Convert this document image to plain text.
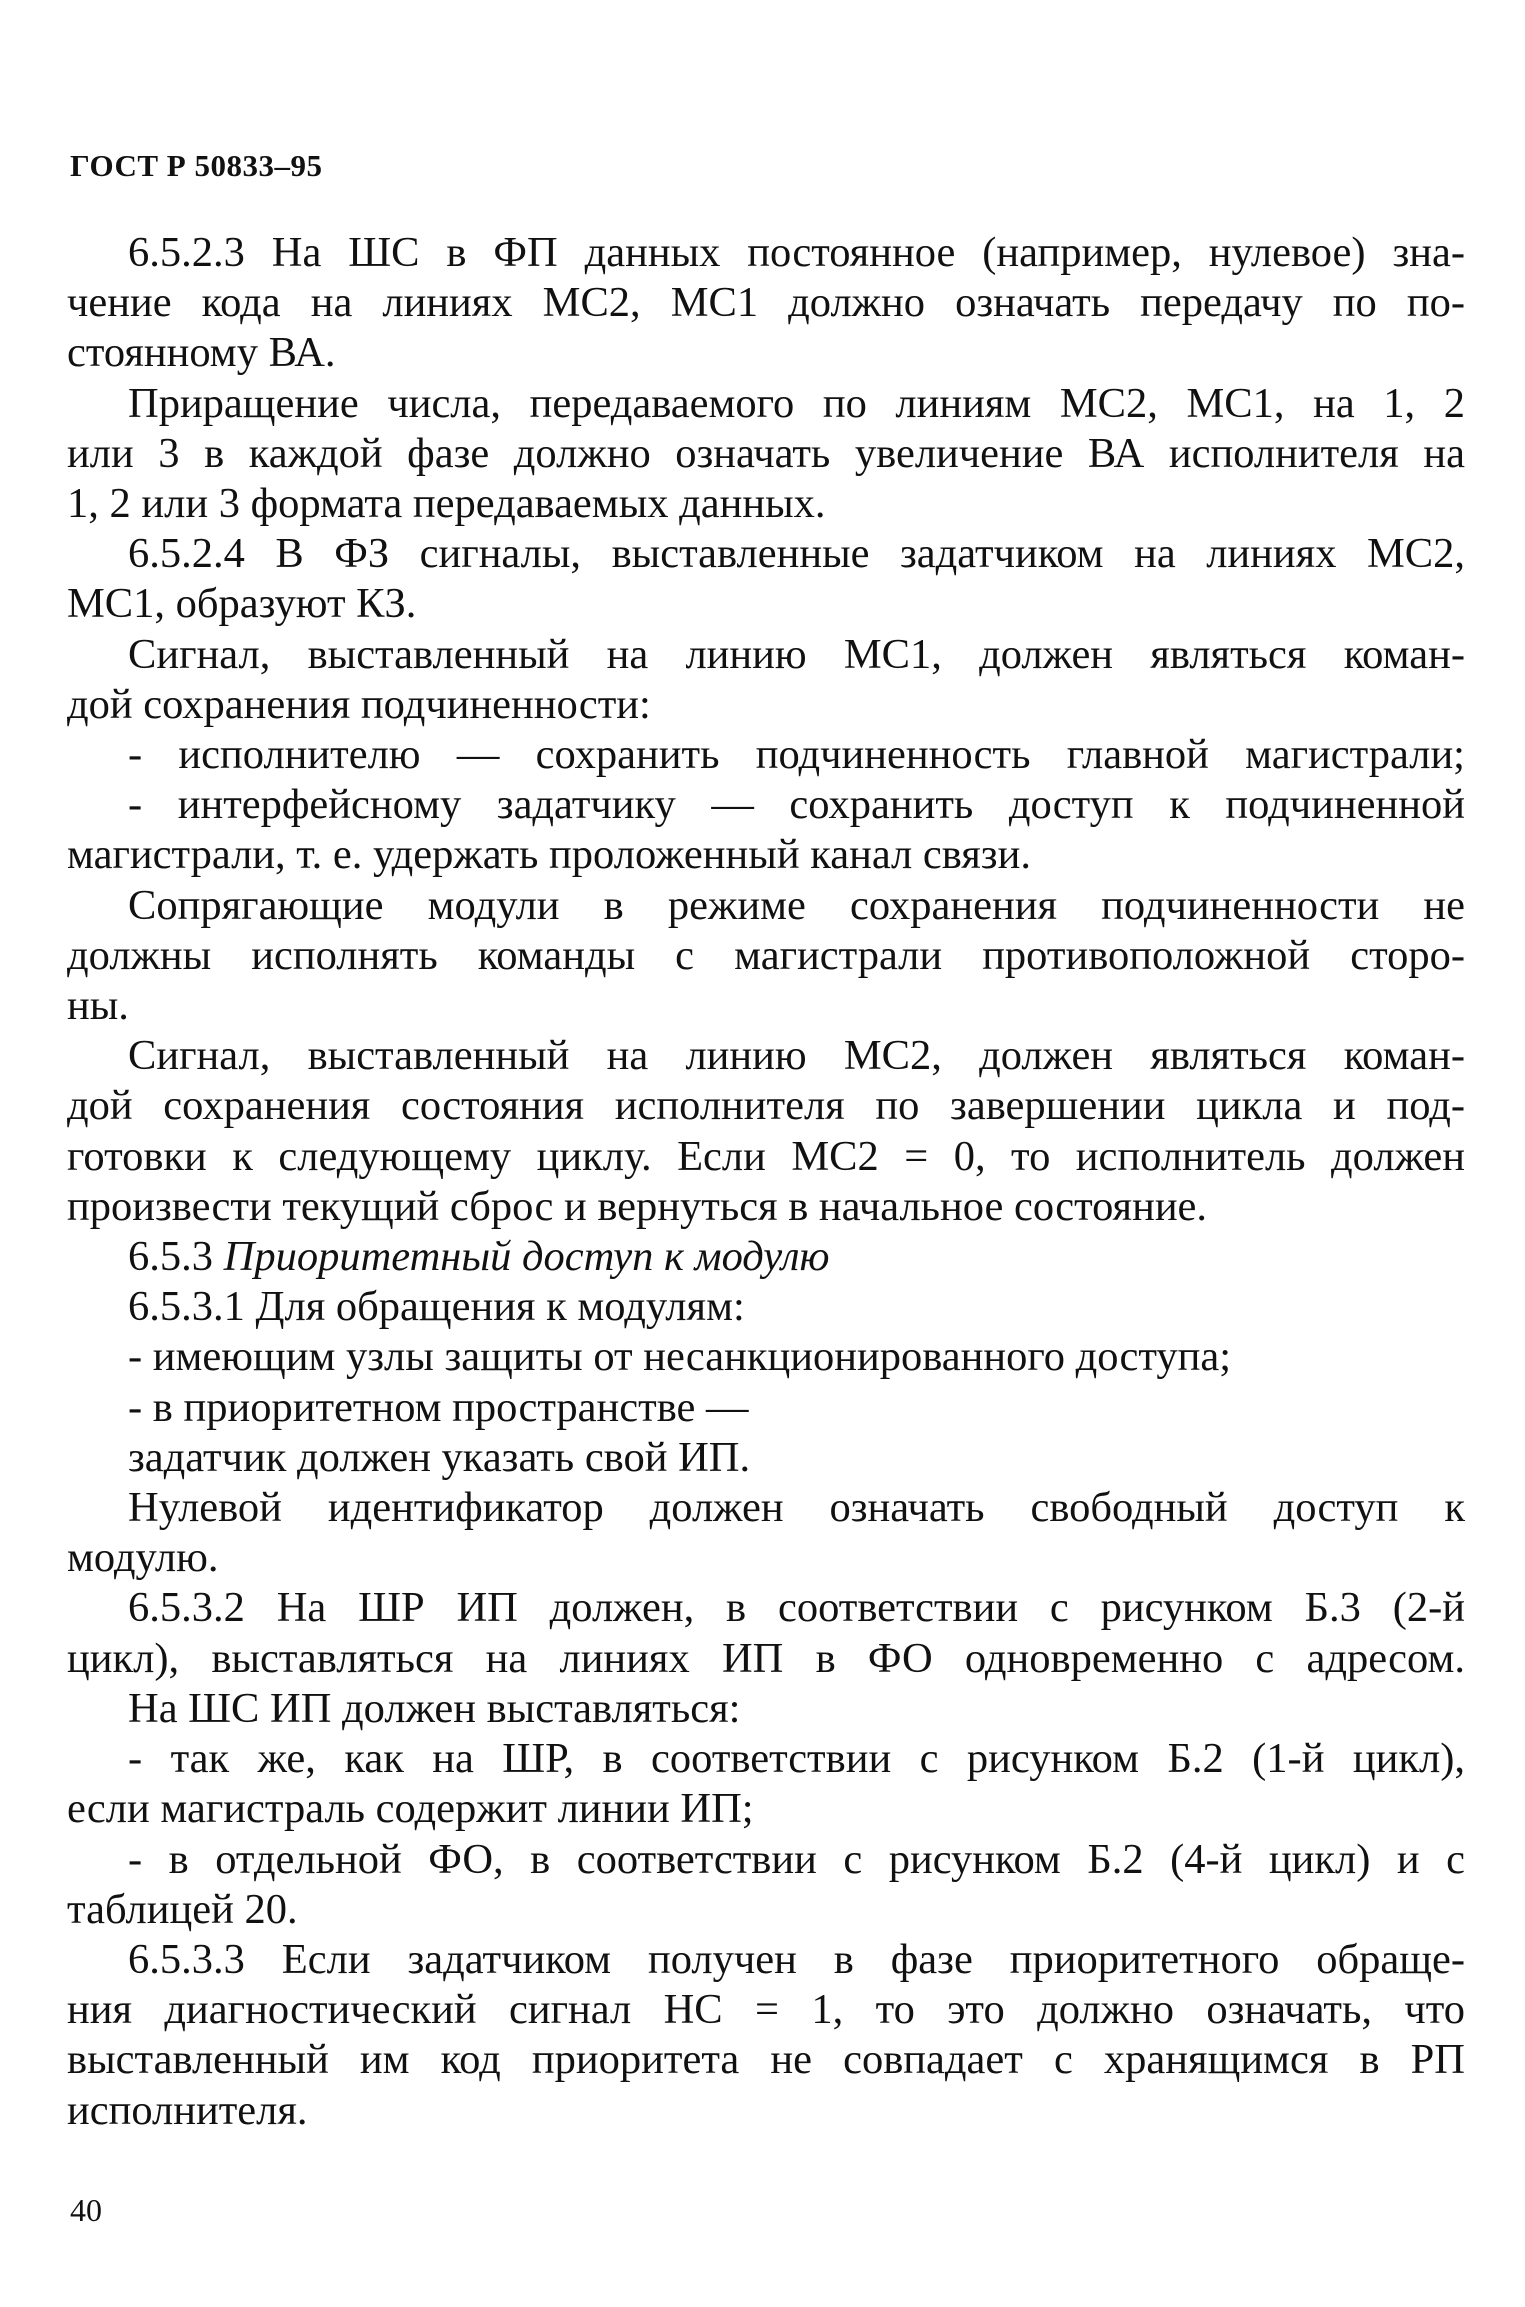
ГОСТ Р 50833–95

6.5.2.3 На ШС в ФП данных постоянное (например, нулевое) зна-

чение кода на линиях МС2, МС1 должно означать передачу по по-

стоянному ВА.

Приращение числа, передаваемого по линиям МС2, МС1, на 1, 2

или 3 в каждой фазе должно означать увеличение ВА исполнителя на

1, 2 или 3 формата передаваемых данных.

6.5.2.4 В ФЗ сигналы, выставленные задатчиком на линиях МС2,

МС1, образуют КЗ.

Сигнал, выставленный на линию МС1, должен являться коман-

дой сохранения подчиненности:

- исполнителю — сохранить подчиненность главной магистрали;

- интерфейсному задатчику — сохранить доступ к подчиненной

магистрали, т. е. удержать проложенный канал связи.

Сопрягающие модули в режиме сохранения подчиненности не

должны исполнять команды с магистрали противоположной сторо-

ны.

Сигнал, выставленный на линию МС2, должен являться коман-

дой сохранения состояния исполнителя по завершении цикла и под-

готовки к следующему циклу. Если МС2 = 0, то исполнитель должен

произвести текущий сброс и вернуться в начальное состояние.

6.5.3 Приоритетный доступ к модулю

6.5.3.1 Для обращения к модулям:

- имеющим узлы защиты от несанкционированного доступа;

- в приоритетном пространстве —

задатчик должен указать свой ИП.

Нулевой идентификатор должен означать свободный доступ к

модулю.

6.5.3.2 На ШР ИП должен, в соответствии с рисунком Б.3 (2-й

цикл), выставляться на линиях ИП в ФО одновременно с адресом.

На ШС ИП должен выставляться:

- так же, как на ШР, в соответствии с рисунком Б.2 (1-й цикл),

если магистраль содержит линии ИП;

- в отдельной ФО, в соответствии с рисунком Б.2 (4-й цикл) и с

таблицей 20.

6.5.3.3 Если задатчиком получен в фазе приоритетного обраще-

ния диагностический сигнал НС = 1, то это должно означать, что

выставленный им код приоритета не совпадает с хранящимся в РП

исполнителя.

40
